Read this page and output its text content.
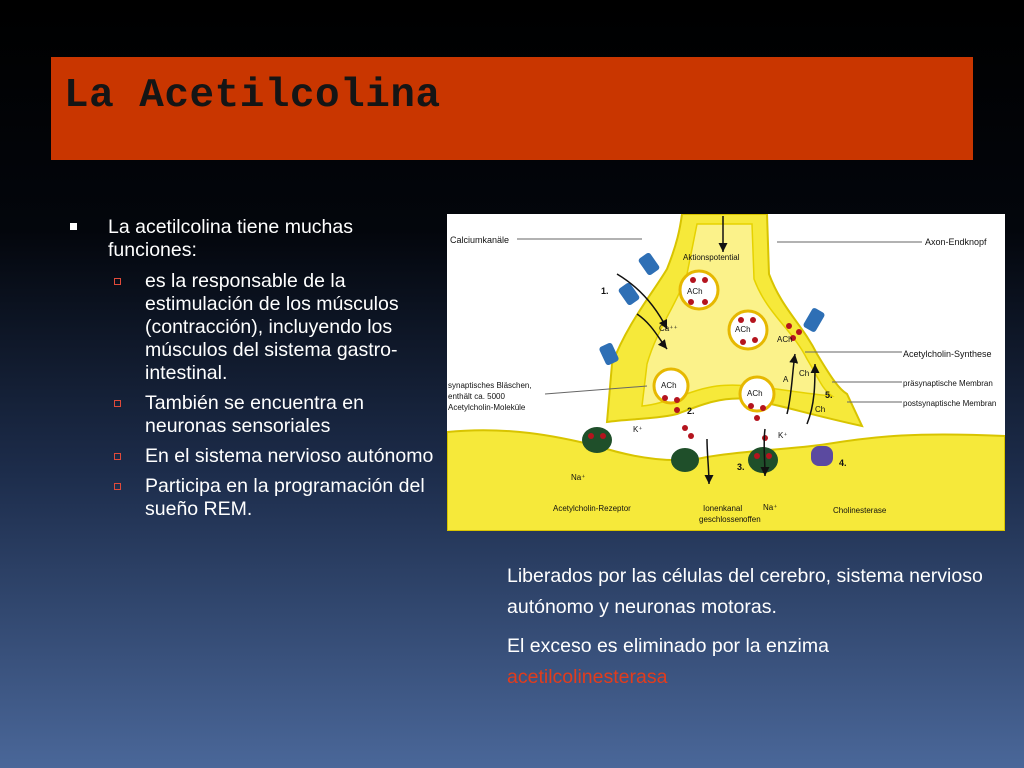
La Acetilcolina
La acetilcolina tiene muchas funciones:
es la responsable de la estimulación de los músculos (contracción), incluyendo los músculos del sistema gastro-intestinal.
También se encuentra en neuronas sensoriales
En el sistema nervioso autónomo
Participa en la programación del sueño REM.
ACh
ACh
ACh
ACh
Calciumkanäle	Axon-Endknopf
Aktionspotential
Ca⁺⁺
Acetylcholin-Synthese
synaptisches Bläschen,
enthält ca. 5000
Acetylcholin-Moleküle
präsynaptische Membran
postsynaptische Membran
ACh
Ch
Ch
A
K⁺
K⁺
Na⁺
Na⁺
Acetylcholin-Rezeptor	Ionenkanal
geschlossen offen
Cholinesterase
1.
2.
3.	4.
5.

Liberados por las células del cerebro, sistema nervioso autónomo y neuronas motoras.

El exceso es eliminado por la enzima
acetilcolinesterasa
